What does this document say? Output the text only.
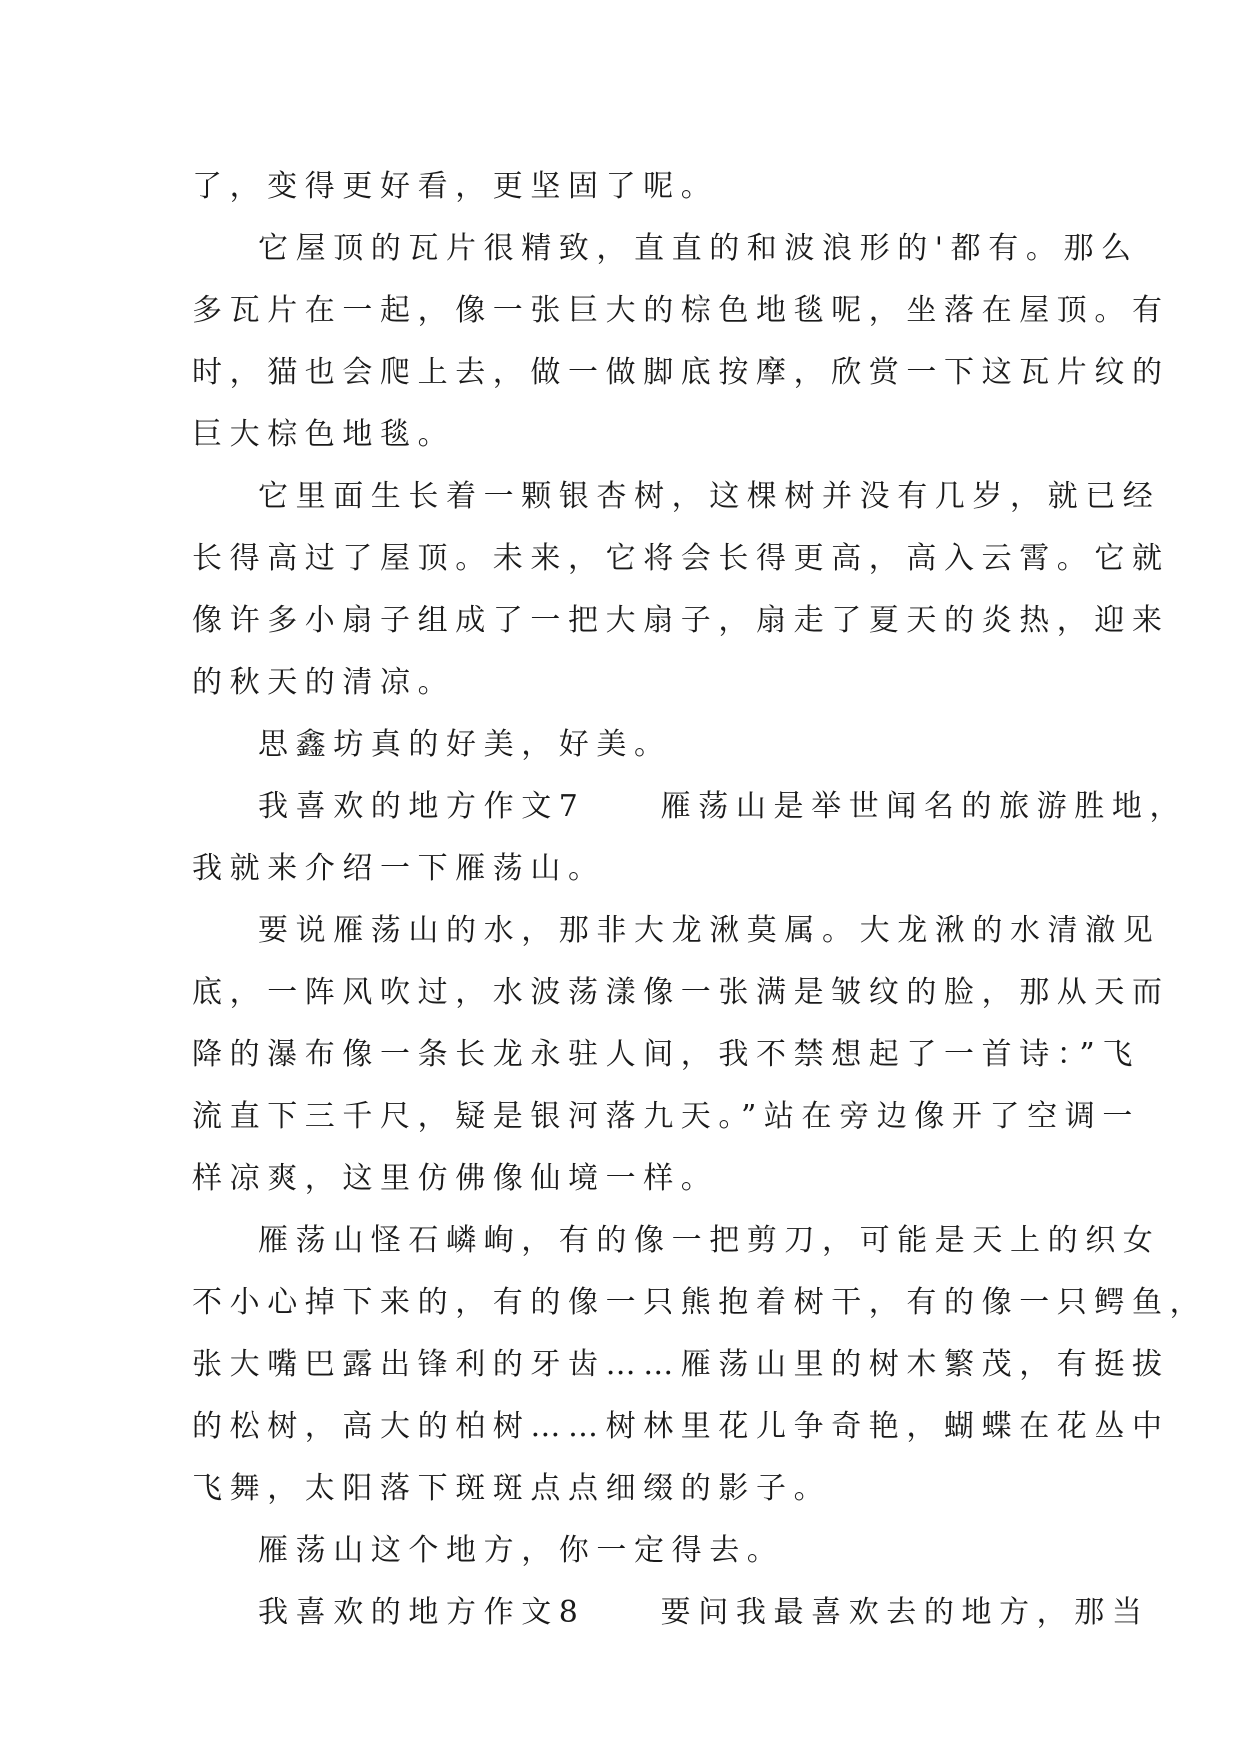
了，变得更好看，更坚固了呢。
它屋顶的瓦片很精致，直直的和波浪形的'都有。那么
多瓦片在一起，像一张巨大的棕色地毯呢，坐落在屋顶。有
时，猫也会爬上去，做一做脚底按摩，欣赏一下这瓦片纹的
巨大棕色地毯。
它里面生长着一颗银杏树，这棵树并没有几岁，就已经
长得高过了屋顶。未来，它将会长得更高，高入云霄。它就
像许多小扇子组成了一把大扇子，扇走了夏天的炎热，迎来
的秋天的清凉。
思鑫坊真的好美，好美。
我喜欢的地方作文7　　雁荡山是举世闻名的旅游胜地，
我就来介绍一下雁荡山。
要说雁荡山的水，那非大龙湫莫属。大龙湫的水清澈见
底，一阵风吹过，水波荡漾像一张满是皱纹的脸，那从天而
降的瀑布像一条长龙永驻人间，我不禁想起了一首诗：”飞
流直下三千尺，疑是银河落九天。”站在旁边像开了空调一
样凉爽，这里仿佛像仙境一样。
雁荡山怪石嶙峋，有的像一把剪刀，可能是天上的织女
不小心掉下来的，有的像一只熊抱着树干，有的像一只鳄鱼，
张大嘴巴露出锋利的牙齿……雁荡山里的树木繁茂，有挺拔
的松树，高大的柏树……树林里花儿争奇艳，蝴蝶在花丛中
飞舞，太阳落下斑斑点点细缀的影子。
雁荡山这个地方，你一定得去。
我喜欢的地方作文8　　要问我最喜欢去的地方，那当
